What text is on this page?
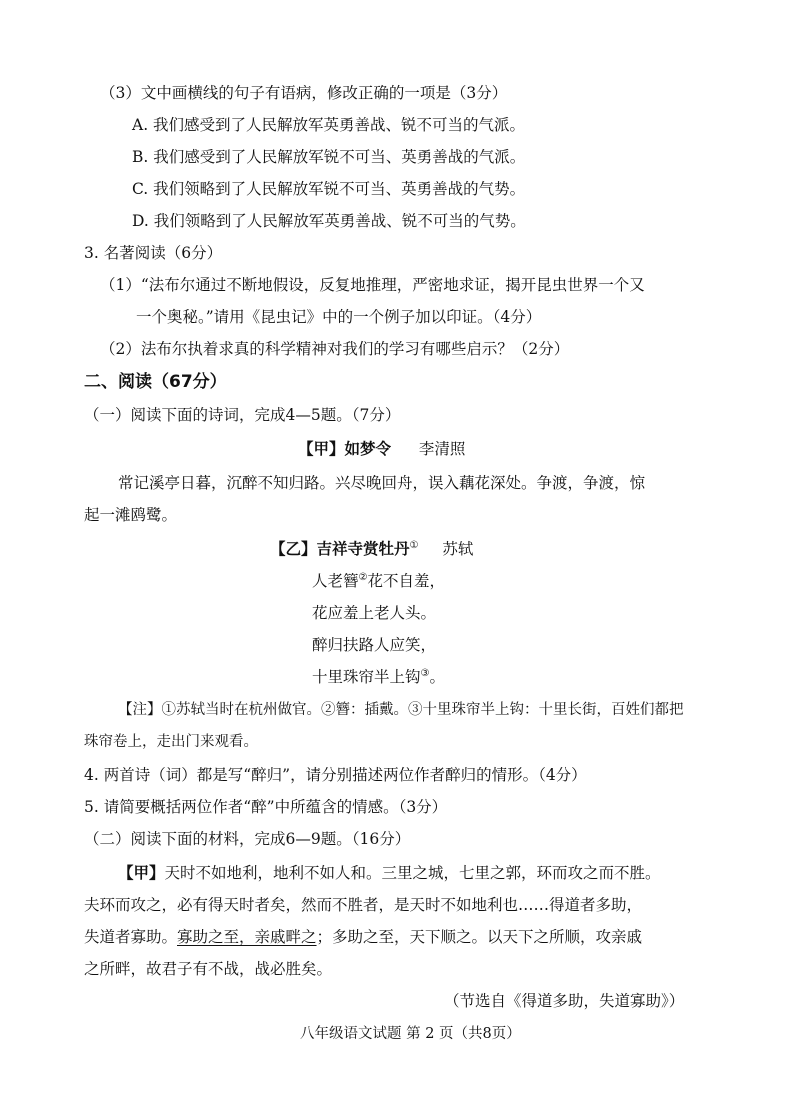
（3）文中画横线的句子有语病，修改正确的一项是（3分）
A. 我们感受到了人民解放军英勇善战、锐不可当的气派。
B. 我们感受到了人民解放军锐不可当、英勇善战的气派。
C. 我们领略到了人民解放军锐不可当、英勇善战的气势。
D. 我们领略到了人民解放军英勇善战、锐不可当的气势。
3. 名著阅读（6分）
（1）“法布尔通过不断地假设，反复地推理，严密地求证，揭开昆虫世界一个又
一个奥秘。”请用《昆虫记》中的一个例子加以印证。（4分）
（2）法布尔执着求真的科学精神对我们的学习有哪些启示？（2分）
二、阅读（67分）
（一）阅读下面的诗词，完成4—5题。（7分）
【甲】如梦令 李清照
常记溪亭日暮，沉醉不知归路。兴尽晚回舟，误入藕花深处。争渡，争渡，惊
起一滩鸥鹭。
【乙】吉祥寺赏牡丹① 苏轼
人老簪②花不自羞，
花应羞上老人头。
醉归扶路人应笑，
十里珠帘半上钩③。
【注】①苏轼当时在杭州做官。②簪：插戴。③十里珠帘半上钩：十里长街，百姓们都把
珠帘卷上，走出门来观看。
4. 两首诗（词）都是写“醉归”，请分别描述两位作者醉归的情形。（4分）
5. 请简要概括两位作者“醉”中所蕴含的情感。（3分）
（二）阅读下面的材料，完成6—9题。（16分）
【甲】天时不如地利，地利不如人和。三里之城，七里之郭，环而攻之而不胜。
夫环而攻之，必有得天时者矣，然而不胜者，是天时不如地利也……得道者多助，
失道者寡助。寡助之至，亲戚畔之；多助之至，天下顺之。以天下之所顺，攻亲戚
之所畔，故君子有不战，战必胜矣。
（节选自《得道多助，失道寡助》）
八年级语文试题 第 2 页（共8页）
